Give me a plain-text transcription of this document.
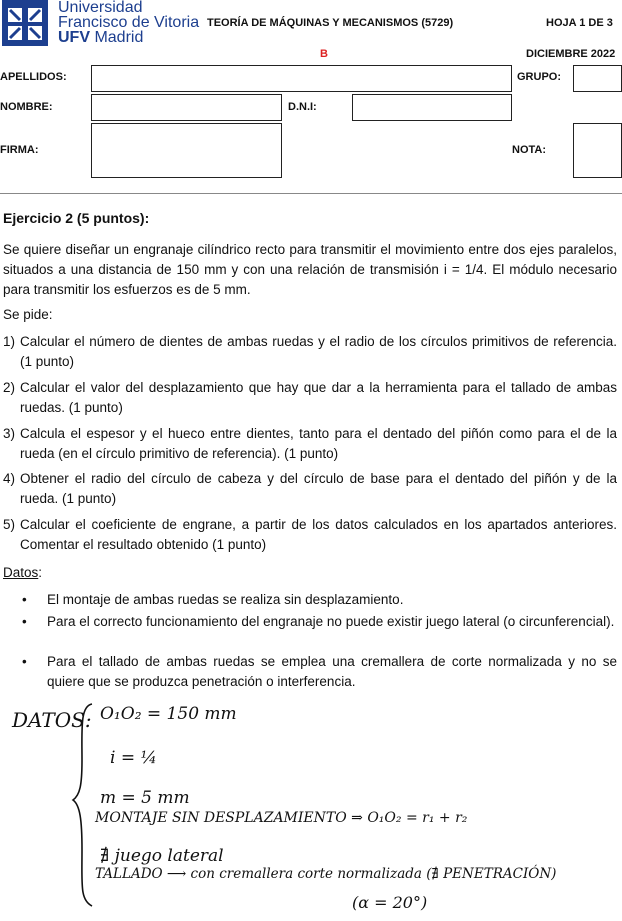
Universidad
Francisco de Vitoria
UFV Madrid
TEORÍA DE MÁQUINAS Y MECANISMOS (5729)	HOJA 1 DE 3
B	DICIEMBRE 2022
APELLIDOS:	GRUPO:
NOMBRE:	D.N.I:
FIRMA:	NOTA:
Ejercicio 2 (5 puntos):
Se quiere diseñar un engranaje cilíndrico recto para transmitir el movimiento entre dos ejes paralelos, situados a una distancia de 150 mm y con una relación de transmisión i = 1/4. El módulo necesario para transmitir los esfuerzos es de 5 mm.
Se pide:
1) Calcular el número de dientes de ambas ruedas y el radio de los círculos primitivos de referencia. (1 punto)
2) Calcular el valor del desplazamiento que hay que dar a la herramienta para el tallado de ambas ruedas. (1 punto)
3) Calcula el espesor y el hueco entre dientes, tanto para el dentado del piñón como para el de la rueda (en el círculo primitivo de referencia). (1 punto)
4) Obtener el radio del círculo de cabeza y del círculo de base para el dentado del piñón y de la rueda. (1 punto)
5) Calcular el coeficiente de engrane, a partir de los datos calculados en los apartados anteriores. Comentar el resultado obtenido (1 punto)
Datos:
•	El montaje de ambas ruedas se realiza sin desplazamiento.
•	Para el correcto funcionamiento del engranaje no puede existir juego lateral (o circunferencial).
•	Para el tallado de ambas ruedas se emplea una cremallera de corte normalizada y no se quiere que se produzca penetración o interferencia.
DATOS: O₁O₂ = 150 mm
i = ¼
m = 5 mm
MONTAJE SIN DESPLAZAMIENTO ⇒ O₁O₂ = r₁ + r₂
∄ juego lateral
TALLADO ⟶ con cremallera corte normalizada (∄ PENETRACIÓN)
(α = 20°)
